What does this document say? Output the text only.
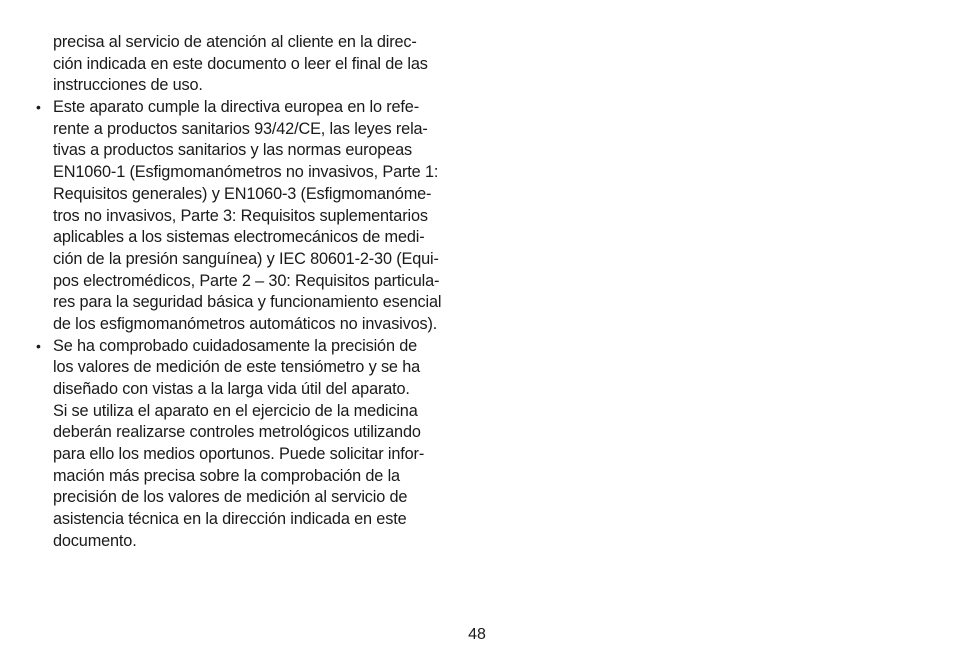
precisa al servicio de atención al cliente en la direc-
ción indicada en este documento o leer el final de las
instrucciones de uso.
• Este aparato cumple la directiva europea en lo refe-
rente a productos sanitarios 93/42/CE, las leyes rela-
tivas a productos sanitarios y las normas europeas
EN1060-1 (Esfigmomanómetros no invasivos, Parte 1:
Requisitos generales) y EN1060-3 (Esfigmomanóme-
tros no invasivos, Parte 3: Requisitos suplementarios
aplicables a los sistemas electromecánicos de medi-
ción de la presión sanguínea) y IEC 80601-2-30 (Equi-
pos electromédicos, Parte 2 – 30: Requisitos particula-
res para la seguridad básica y funcionamiento esencial
de los esfigmomanómetros automáticos no invasivos).
• Se ha comprobado cuidadosamente la precisión de
los valores de medición de este tensiómetro y se ha
diseñado con vistas a la larga vida útil del aparato.
Si se utiliza el aparato en el ejercicio de la medicina
deberán realizarse controles metrológicos utilizando
para ello los medios oportunos. Puede solicitar infor-
mación más precisa sobre la comprobación de la
precisión de los valores de medición al servicio de
asistencia técnica en la dirección indicada en este
documento.
48
